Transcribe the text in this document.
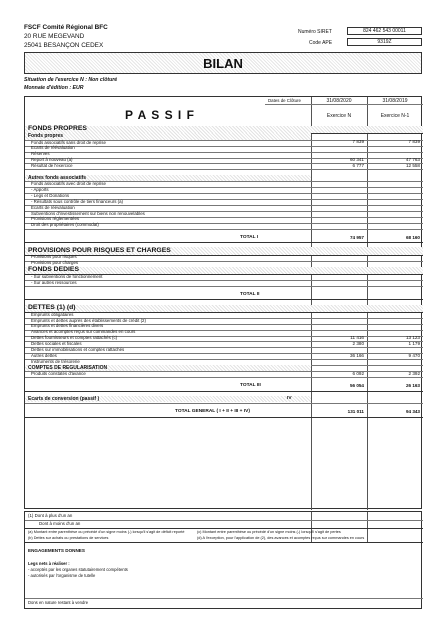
FSCF Comité Régional BFC
20 RUE MEGEVAND
25041 BESANÇON CEDEX
Numéro SIRET	824 462 543 00011
Code APE	9319Z
BILAN
Situation de l'exercice N : Non clôturé
Monnaie d'édition : EUR
Dates de Clôture	31/08/2020	31/08/2019
P A S S I F	Exercice N	Exercice N-1
FONDS PROPRES
Fonds propres
Fonds associatifs sans droit de reprise	7 839	7 839
Ecarts de réévaluation
Réserves
Report à nouveau (a)	60 341	47 763
Résultat de l'exercice	6 777	12 558
Autres fonds associatifs
Fonds associatifs avec droit de reprise
- Apports
- Legs et Donations
- Résultats sous contrôle de tiers financeurs (a)
Ecarts de réévaluation
Subventions d'investissement sur biens non renouvelables
Provisions réglementées
Droit des propriétaires (commodat)
TOTAL I	74 957	68 160
PROVISIONS POUR RISQUES ET CHARGES
Provisions pour risques
Provisions pour charges
FONDS DEDIES
- Sur subventions de fonctionnement
- Sur autres ressources
TOTAL II
DETTES (1) (d)
Emprunts obligataires
Emprunts et dettes auprès des établissements de crédit (2)
Emprunts et dettes financières divers
Avances et acomptes reçus sur commandes en cours
Dettes fournisseurs et comptes rattachés (c)	11 416	13 123
Dettes sociales et fiscales	2 380	1 179
Dettes sur immobilisations et comptes rattachés
Autres dettes	36 166	9 470
Instruments de trésorerie
COMPTES DE REGULARISATION
Produits constatés d'avance	6 092	2 392
TOTAL III	56 054	26 163
Ecarts de conversion (passif )	IV
TOTAL GENERAL ( I + II + III + IV)	131 011	94 343
(1) Dont à plus d'un an
Dont à moins d'un an
(a) Montant entre parenthèse ou précédé d'un signe moins (-) lorsqu'il s'agit de déficit reporté	(c) Montant entre parenthèse ou précédé d'un signe moins (-) lorsqu'il s'agit de pertes
(b) Dettes sur achats ou prestations de services	(d) A l'exception, pour l'application de (2), des avances et acomptes reçus sur commandes en cours
ENGAGEMENTS DONNES
Legs nets à réaliser :
- acceptés par les organes statutairement compétents
- autorisés par l'organisme de tutelle
Dons en nature restant à vendre
